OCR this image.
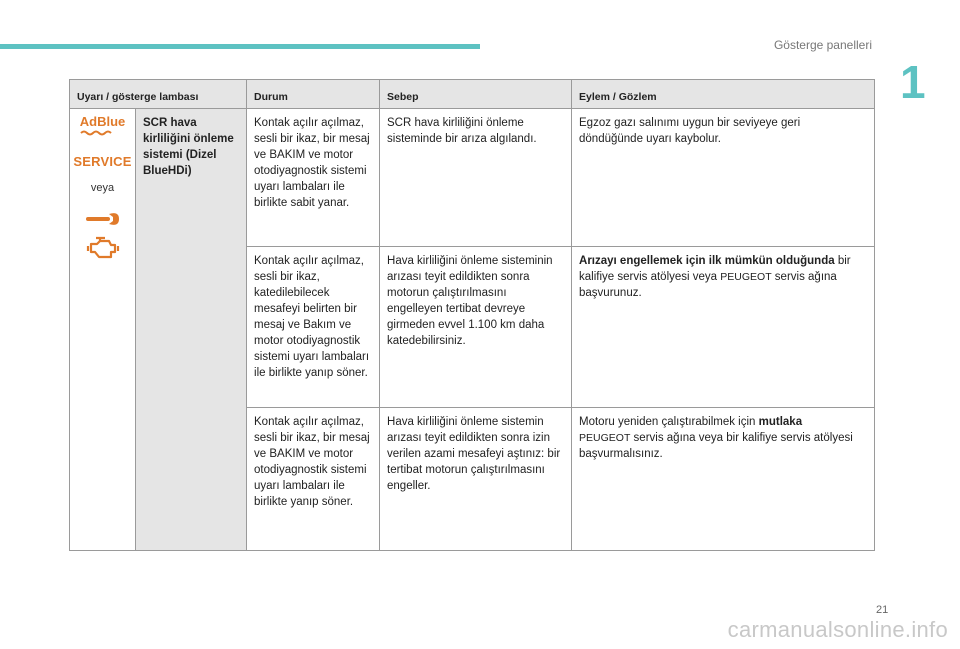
Gösterge panelleri
1
Uyarı / gösterge lambası		Durum	Sebep	Eylem / Gözlem

AdBlue
SERVICE
veya	SCR hava kirliliğini önleme sistemi (Dizel BlueHDi)	Kontak açılır açılmaz, sesli bir ikaz, bir mesaj ve BAKIM ve motor otodiyagnostik sistemi uyarı lambaları ile birlikte sabit yanar.	SCR hava kirliliğini önleme sisteminde bir arıza algılandı.	Egzoz gazı salınımı uygun bir seviyeye geri döndüğünde uyarı kaybolur.
		Kontak açılır açılmaz, sesli bir ikaz, katedilebilecek mesafeyi belirten bir mesaj ve Bakım ve motor otodiyagnostik sistemi uyarı lambaları ile birlikte yanıp söner.	Hava kirliliğini önleme sisteminin arızası teyit edildikten sonra motorun çalıştırılmasını engelleyen tertibat devreye girmeden evvel 1.100 km daha katedebilirsiniz.	Arızayı engellemek için ilk mümkün olduğunda bir kalifiye servis atölyesi veya PEUGEOT servis ağına başvurunuz.
		Kontak açılır açılmaz, sesli bir ikaz, bir mesaj ve BAKIM ve motor otodiyagnostik sistemi uyarı lambaları ile birlikte yanıp söner.	Hava kirliliğini önleme sistemin arızası teyit edildikten sonra izin verilen azami mesafeyi aştınız: bir tertibat motorun çalıştırılmasını engeller.	Motoru yeniden çalıştırabilmek için mutlaka
PEUGEOT servis ağına veya bir kalifiye servis atölyesi başvurmalısınız.
21
carmanualsonline.info
